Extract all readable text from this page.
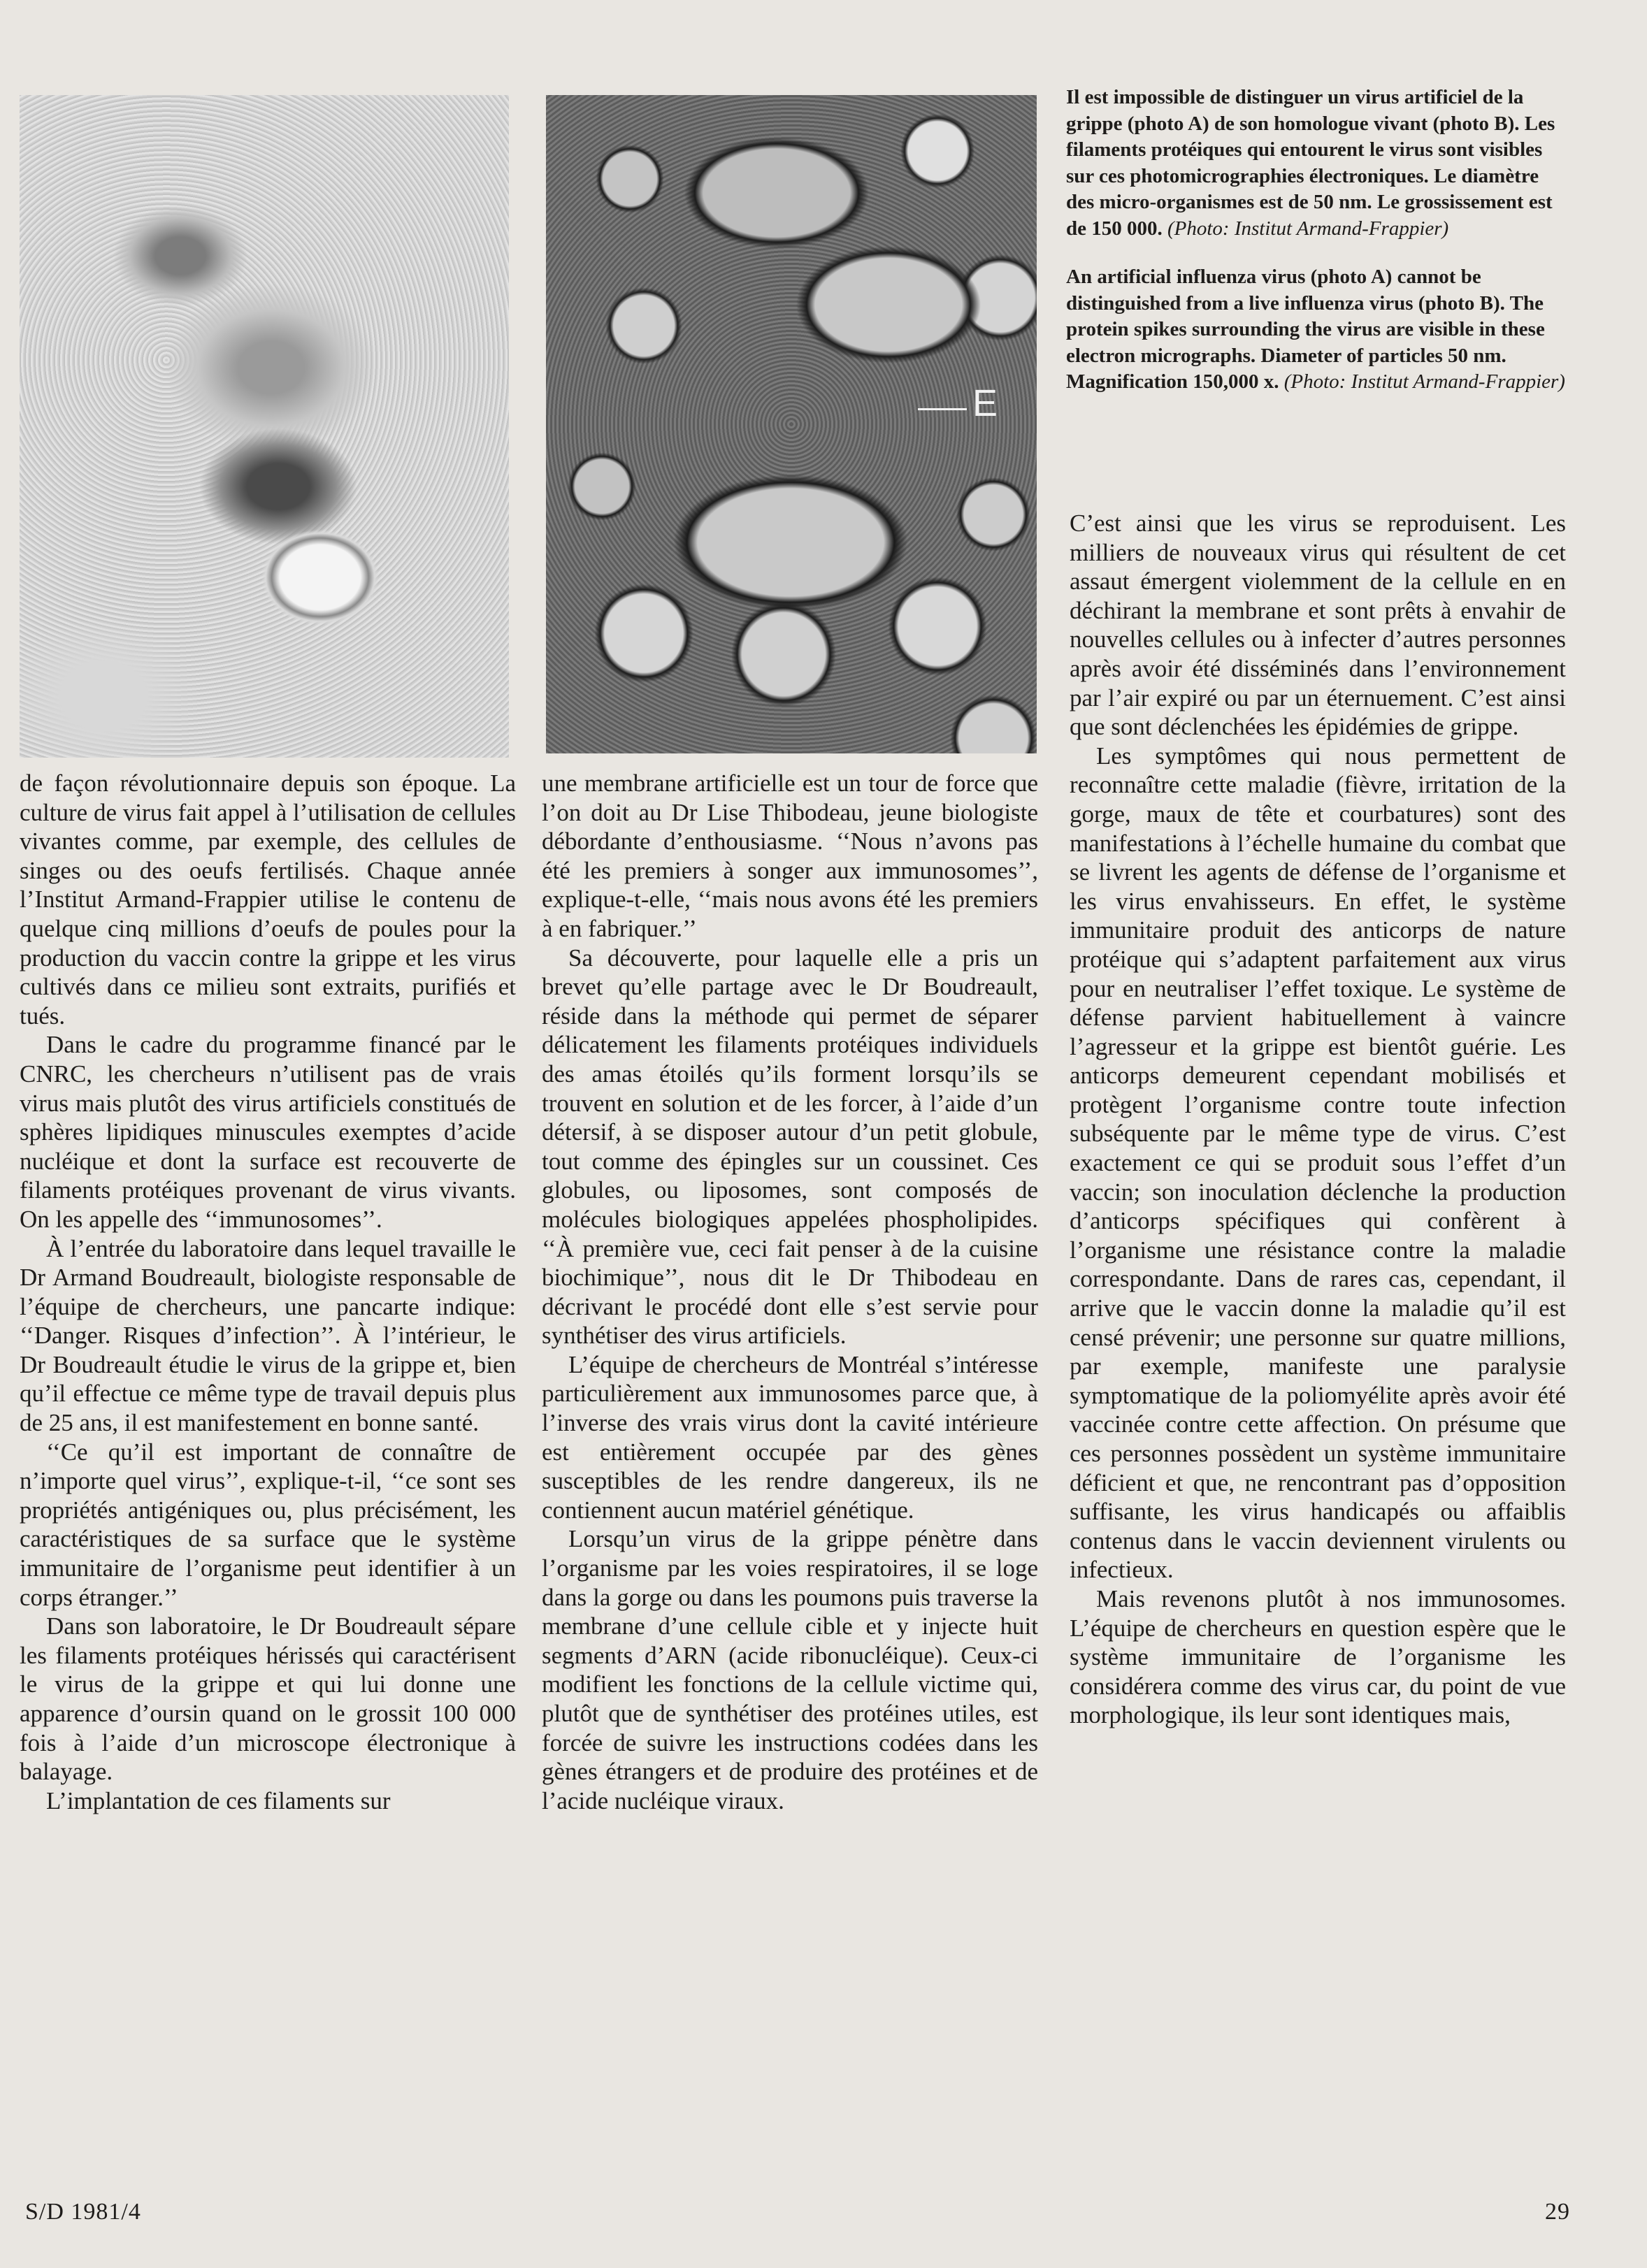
E

Il est impossible de distinguer un virus artificiel de la grippe (photo A) de son homologue vivant (photo B). Les filaments protéiques qui entourent le virus sont visibles sur ces photomicrographies électroniques. Le diamètre des micro-organismes est de 50 nm. Le grossissement est de 150 000. (Photo: Institut Armand-Frappier)

An artificial influenza virus (photo A) cannot be distinguished from a live influenza virus (photo B). The protein spikes surrounding the virus are visible in these electron micrographs. Diameter of particles 50 nm. Magnification 150,000 x. (Photo: Institut Armand-Frappier)

de façon révolutionnaire depuis son époque. La culture de virus fait appel à l’utilisation de cellules vivantes comme, par exemple, des cellules de singes ou des oeufs fertilisés. Chaque année l’Institut Armand-Frappier utilise le contenu de quelque cinq millions d’oeufs de poules pour la production du vaccin contre la grippe et les virus cultivés dans ce milieu sont extraits, purifiés et tués.

Dans le cadre du programme financé par le CNRC, les chercheurs n’utilisent pas de vrais virus mais plutôt des virus artificiels constitués de sphères lipidiques minuscules exemptes d’acide nucléique et dont la surface est recouverte de filaments protéiques provenant de virus vivants. On les appelle des ‘‘immunosomes’’.

À l’entrée du laboratoire dans lequel travaille le Dr Armand Boudreault, biologiste responsable de l’équipe de chercheurs, une pancarte indique: ‘‘Danger. Risques d’infection’’. À l’intérieur, le Dr Boudreault étudie le virus de la grippe et, bien qu’il effectue ce même type de travail depuis plus de 25 ans, il est manifestement en bonne santé.

‘‘Ce qu’il est important de connaître de n’importe quel virus’’, explique-t-il, ‘‘ce sont ses propriétés antigéniques ou, plus précisément, les caractéristiques de sa surface que le système immunitaire de l’organisme peut identifier à un corps étranger.’’

Dans son laboratoire, le Dr Boudreault sépare les filaments protéiques hérissés qui caractérisent le virus de la grippe et qui lui donne une apparence d’oursin quand on le grossit 100 000 fois à l’aide d’un microscope électronique à balayage.

L’implantation de ces filaments sur

une membrane artificielle est un tour de force que l’on doit au Dr Lise Thibodeau, jeune biologiste débordante d’enthousiasme. ‘‘Nous n’avons pas été les premiers à songer aux immunosomes’’, explique-t-elle, ‘‘mais nous avons été les premiers à en fabriquer.’’

Sa découverte, pour laquelle elle a pris un brevet qu’elle partage avec le Dr Boudreault, réside dans la méthode qui permet de séparer délicatement les filaments protéiques individuels des amas étoilés qu’ils forment lorsqu’ils se trouvent en solution et de les forcer, à l’aide d’un détersif, à se disposer autour d’un petit globule, tout comme des épingles sur un coussinet. Ces globules, ou liposomes, sont composés de molécules biologiques appelées phospholipides. ‘‘À première vue, ceci fait penser à de la cuisine biochimique’’, nous dit le Dr Thibodeau en décrivant le procédé dont elle s’est servie pour synthétiser des virus artificiels.

L’équipe de chercheurs de Montréal s’intéresse particulièrement aux immunosomes parce que, à l’inverse des vrais virus dont la cavité intérieure est entièrement occupée par des gènes susceptibles de les rendre dangereux, ils ne contiennent aucun matériel génétique.

Lorsqu’un virus de la grippe pénètre dans l’organisme par les voies respiratoires, il se loge dans la gorge ou dans les poumons puis traverse la membrane d’une cellule cible et y injecte huit segments d’ARN (acide ribonucléique). Ceux-ci modifient les fonctions de la cellule victime qui, plutôt que de synthétiser des protéines utiles, est forcée de suivre les instructions codées dans les gènes étrangers et de produire des protéines et de l’acide nucléique viraux.

C’est ainsi que les virus se reproduisent. Les milliers de nouveaux virus qui résultent de cet assaut émergent violemment de la cellule en en déchirant la membrane et sont prêts à envahir de nouvelles cellules ou à infecter d’autres personnes après avoir été disséminés dans l’environnement par l’air expiré ou par un éternuement. C’est ainsi que sont déclenchées les épidémies de grippe.

Les symptômes qui nous permettent de reconnaître cette maladie (fièvre, irritation de la gorge, maux de tête et courbatures) sont des manifestations à l’échelle humaine du combat que se livrent les agents de défense de l’organisme et les virus envahisseurs. En effet, le système immunitaire produit des anticorps de nature protéique qui s’adaptent parfaitement aux virus pour en neutraliser l’effet toxique. Le système de défense parvient habituellement à vaincre l’agresseur et la grippe est bientôt guérie. Les anticorps demeurent cependant mobilisés et protègent l’organisme contre toute infection subséquente par le même type de virus. C’est exactement ce qui se produit sous l’effet d’un vaccin; son inoculation déclenche la production d’anticorps spécifiques qui confèrent à l’organisme une résistance contre la maladie correspondante. Dans de rares cas, cependant, il arrive que le vaccin donne la maladie qu’il est censé prévenir; une personne sur quatre millions, par exemple, manifeste une paralysie symptomatique de la poliomyélite après avoir été vaccinée contre cette affection. On présume que ces personnes possèdent un système immunitaire déficient et que, ne rencontrant pas d’opposition suffisante, les virus handicapés ou affaiblis contenus dans le vaccin deviennent virulents ou infectieux.

Mais revenons plutôt à nos immunosomes. L’équipe de chercheurs en question espère que le système immunitaire de l’organisme les considérera comme des virus car, du point de vue morphologique, ils leur sont identiques mais,

S/D 1981/4	29
